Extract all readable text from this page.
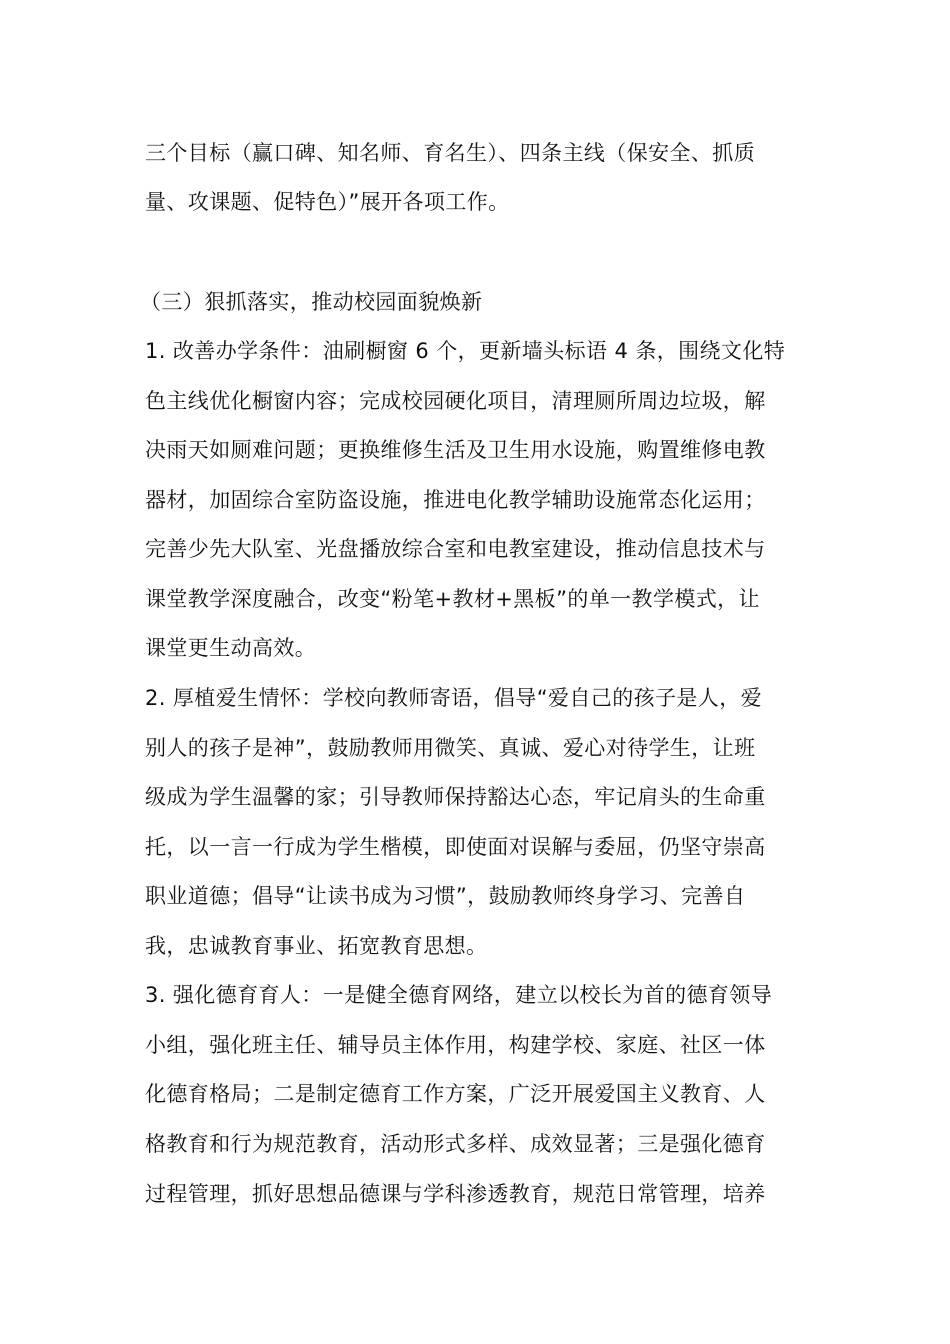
三个目标（赢口碑、知名师、育名生）、四条主线（保安全、抓质
量、攻课题、促特色）”展开各项工作。
（三）狠抓落实，推动校园面貌焕新
1. 改善办学条件：油刷橱窗 6 个，更新墙头标语 4 条，围绕文化特
色主线优化橱窗内容；完成校园硬化项目，清理厕所周边垃圾，解
决雨天如厕难问题；更换维修生活及卫生用水设施，购置维修电教
器材，加固综合室防盗设施，推进电化教学辅助设施常态化运用；
完善少先大队室、光盘播放综合室和电教室建设，推动信息技术与
课堂教学深度融合，改变“粉笔+教材+黑板”的单一教学模式，让
课堂更生动高效。
2. 厚植爱生情怀：学校向教师寄语，倡导“爱自己的孩子是人，爱
别人的孩子是神”，鼓励教师用微笑、真诚、爱心对待学生，让班
级成为学生温馨的家；引导教师保持豁达心态，牢记肩头的生命重
托，以一言一行成为学生楷模，即使面对误解与委屈，仍坚守崇高
职业道德；倡导“让读书成为习惯”，鼓励教师终身学习、完善自
我，忠诚教育事业、拓宽教育思想。
3. 强化德育育人：一是健全德育网络，建立以校长为首的德育领导
小组，强化班主任、辅导员主体作用，构建学校、家庭、社区一体
化德育格局；二是制定德育工作方案，广泛开展爱国主义教育、人
格教育和行为规范教育，活动形式多样、成效显著；三是强化德育
过程管理，抓好思想品德课与学科渗透教育，规范日常管理，培养
